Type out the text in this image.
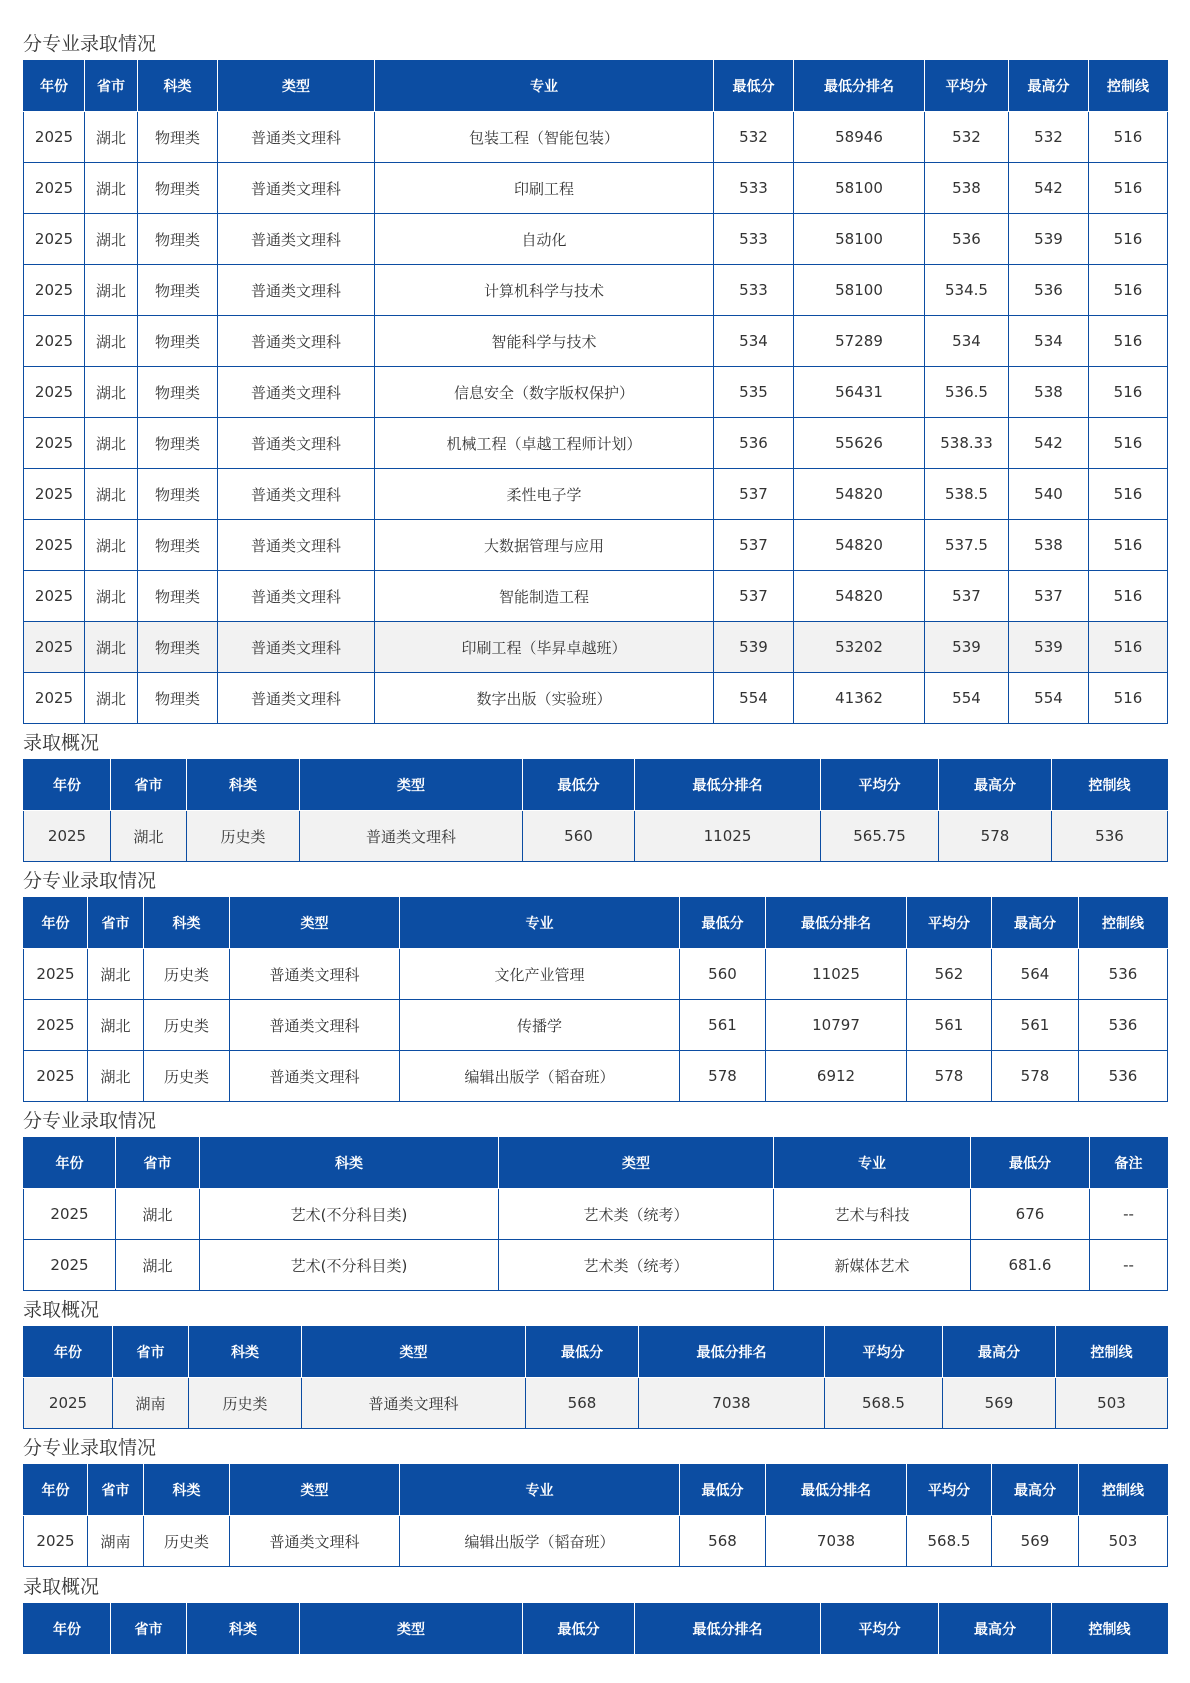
分专业录取情况
年份	省市	科类	类型	专业	最低分	最低分排名	平均分	最高分	控制线
2025	湖北	物理类	普通类文理科	包装工程（智能包装）	532	58946	532	532	516
2025	湖北	物理类	普通类文理科	印刷工程	533	58100	538	542	516
2025	湖北	物理类	普通类文理科	自动化	533	58100	536	539	516
2025	湖北	物理类	普通类文理科	计算机科学与技术	533	58100	534.5	536	516
2025	湖北	物理类	普通类文理科	智能科学与技术	534	57289	534	534	516
2025	湖北	物理类	普通类文理科	信息安全（数字版权保护）	535	56431	536.5	538	516
2025	湖北	物理类	普通类文理科	机械工程（卓越工程师计划）	536	55626	538.33	542	516
2025	湖北	物理类	普通类文理科	柔性电子学	537	54820	538.5	540	516
2025	湖北	物理类	普通类文理科	大数据管理与应用	537	54820	537.5	538	516
2025	湖北	物理类	普通类文理科	智能制造工程	537	54820	537	537	516
2025	湖北	物理类	普通类文理科	印刷工程（毕昇卓越班）	539	53202	539	539	516
2025	湖北	物理类	普通类文理科	数字出版（实验班）	554	41362	554	554	516
录取概况
年份	省市	科类	类型	最低分	最低分排名	平均分	最高分	控制线
2025	湖北	历史类	普通类文理科	560	11025	565.75	578	536
分专业录取情况
年份	省市	科类	类型	专业	最低分	最低分排名	平均分	最高分	控制线
2025	湖北	历史类	普通类文理科	文化产业管理	560	11025	562	564	536
2025	湖北	历史类	普通类文理科	传播学	561	10797	561	561	536
2025	湖北	历史类	普通类文理科	编辑出版学（韬奋班）	578	6912	578	578	536
分专业录取情况
年份	省市	科类	类型	专业	最低分	备注
2025	湖北	艺术(不分科目类)	艺术类（统考）	艺术与科技	676	--
2025	湖北	艺术(不分科目类)	艺术类（统考）	新媒体艺术	681.6	--
录取概况
年份	省市	科类	类型	最低分	最低分排名	平均分	最高分	控制线
2025	湖南	历史类	普通类文理科	568	7038	568.5	569	503
分专业录取情况
年份	省市	科类	类型	专业	最低分	最低分排名	平均分	最高分	控制线
2025	湖南	历史类	普通类文理科	编辑出版学（韬奋班）	568	7038	568.5	569	503
录取概况
年份	省市	科类	类型	最低分	最低分排名	平均分	最高分	控制线
